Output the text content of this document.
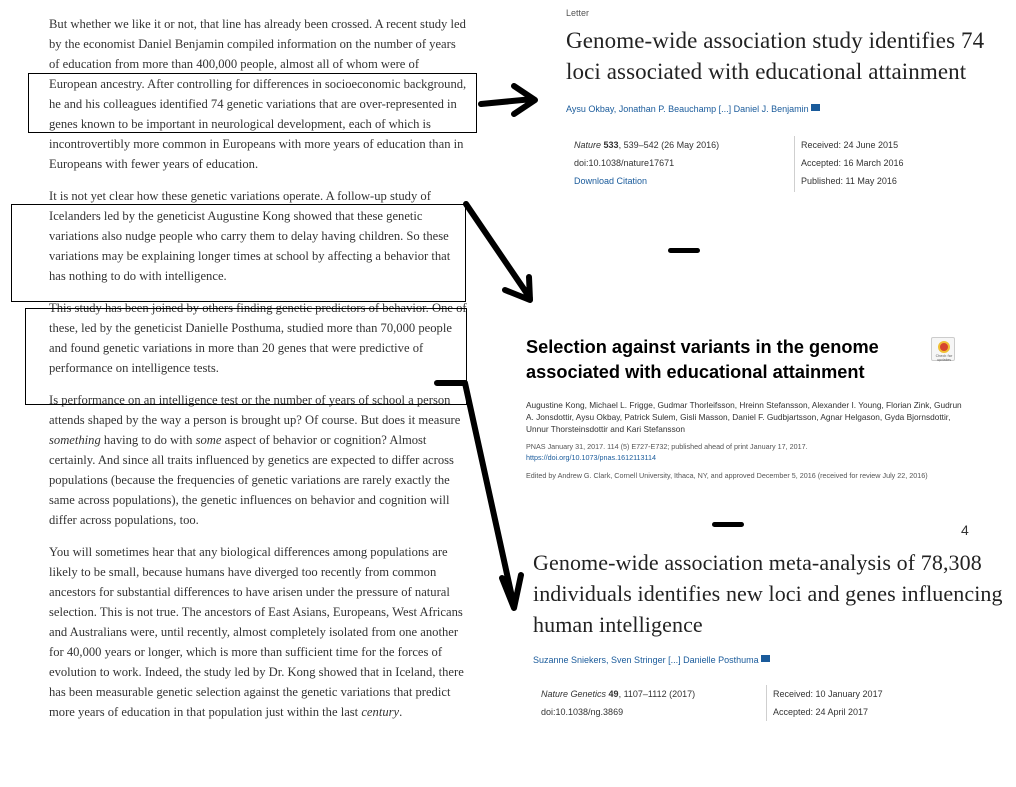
But whether we like it or not, that line has already been crossed. A recent study led by the economist Daniel Benjamin compiled information on the number of years of education from more than 400,000 people, almost all of whom were of European ancestry. After controlling for differences in socioeconomic background, he and his colleagues identified 74 genetic variations that are over-represented in genes known to be important in neurological development, each of which is incontrovertibly more common in Europeans with more years of education than in Europeans with fewer years of education.

It is not yet clear how these genetic variations operate. A follow-up study of Icelanders led by the geneticist Augustine Kong showed that these genetic variations also nudge people who carry them to delay having children. So these variations may be explaining longer times at school by affecting a behavior that has nothing to do with intelligence.

This study has been joined by others finding genetic predictors of behavior. One of these, led by the geneticist Danielle Posthuma, studied more than 70,000 people and found genetic variations in more than 20 genes that were predictive of performance on intelligence tests.

Is performance on an intelligence test or the number of years of school a person attends shaped by the way a person is brought up? Of course. But does it measure something having to do with some aspect of behavior or cognition? Almost certainly. And since all traits influenced by genetics are expected to differ across populations (because the frequencies of genetic variations are rarely exactly the same across populations), the genetic influences on behavior and cognition will differ across populations, too.

You will sometimes hear that any biological differences among populations are likely to be small, because humans have diverged too recently from common ancestors for substantial differences to have arisen under the pressure of natural selection. This is not true. The ancestors of East Asians, Europeans, West Africans and Australians were, until recently, almost completely isolated from one another for 40,000 years or longer, which is more than sufficient time for the forces of evolution to work. Indeed, the study led by Dr. Kong showed that in Iceland, there has been measurable genetic selection against the genetic variations that predict more years of education in that population just within the last century.

Letter
Genome-wide association study identifies 74 loci associated with educational attainment
Aysu Okbay, Jonathan P. Beauchamp [...] Daniel J. Benjamin
Nature 533, 539–542 (26 May 2016)
doi:10.1038/nature17671
Download Citation
Received: 24 June 2015
Accepted: 16 March 2016
Published: 11 May 2016
Selection against variants in the genome associated with educational attainment
Augustine Kong, Michael L. Frigge, Gudmar Thorleifsson, Hreinn Stefansson, Alexander I. Young, Florian Zink, Gudrun A. Jonsdottir, Aysu Okbay, Patrick Sulem, Gisli Masson, Daniel F. Gudbjartsson, Agnar Helgason, Gyda Bjornsdottir, Unnur Thorsteinsdottir and Kari Stefansson
PNAS January 31, 2017. 114 (5) E727-E732; published ahead of print January 17, 2017.
https://doi.org/10.1073/pnas.1612113114
Edited by Andrew G. Clark, Cornell University, Ithaca, NY, and approved December 5, 2016 (received for review July 22, 2016)
Check for updates
4
Genome-wide association meta-analysis of 78,308 individuals identifies new loci and genes influencing human intelligence
Suzanne Sniekers, Sven Stringer [...] Danielle Posthuma
Nature Genetics 49, 1107–1112 (2017)
doi:10.1038/ng.3869
Received: 10 January 2017
Accepted: 24 April 2017
